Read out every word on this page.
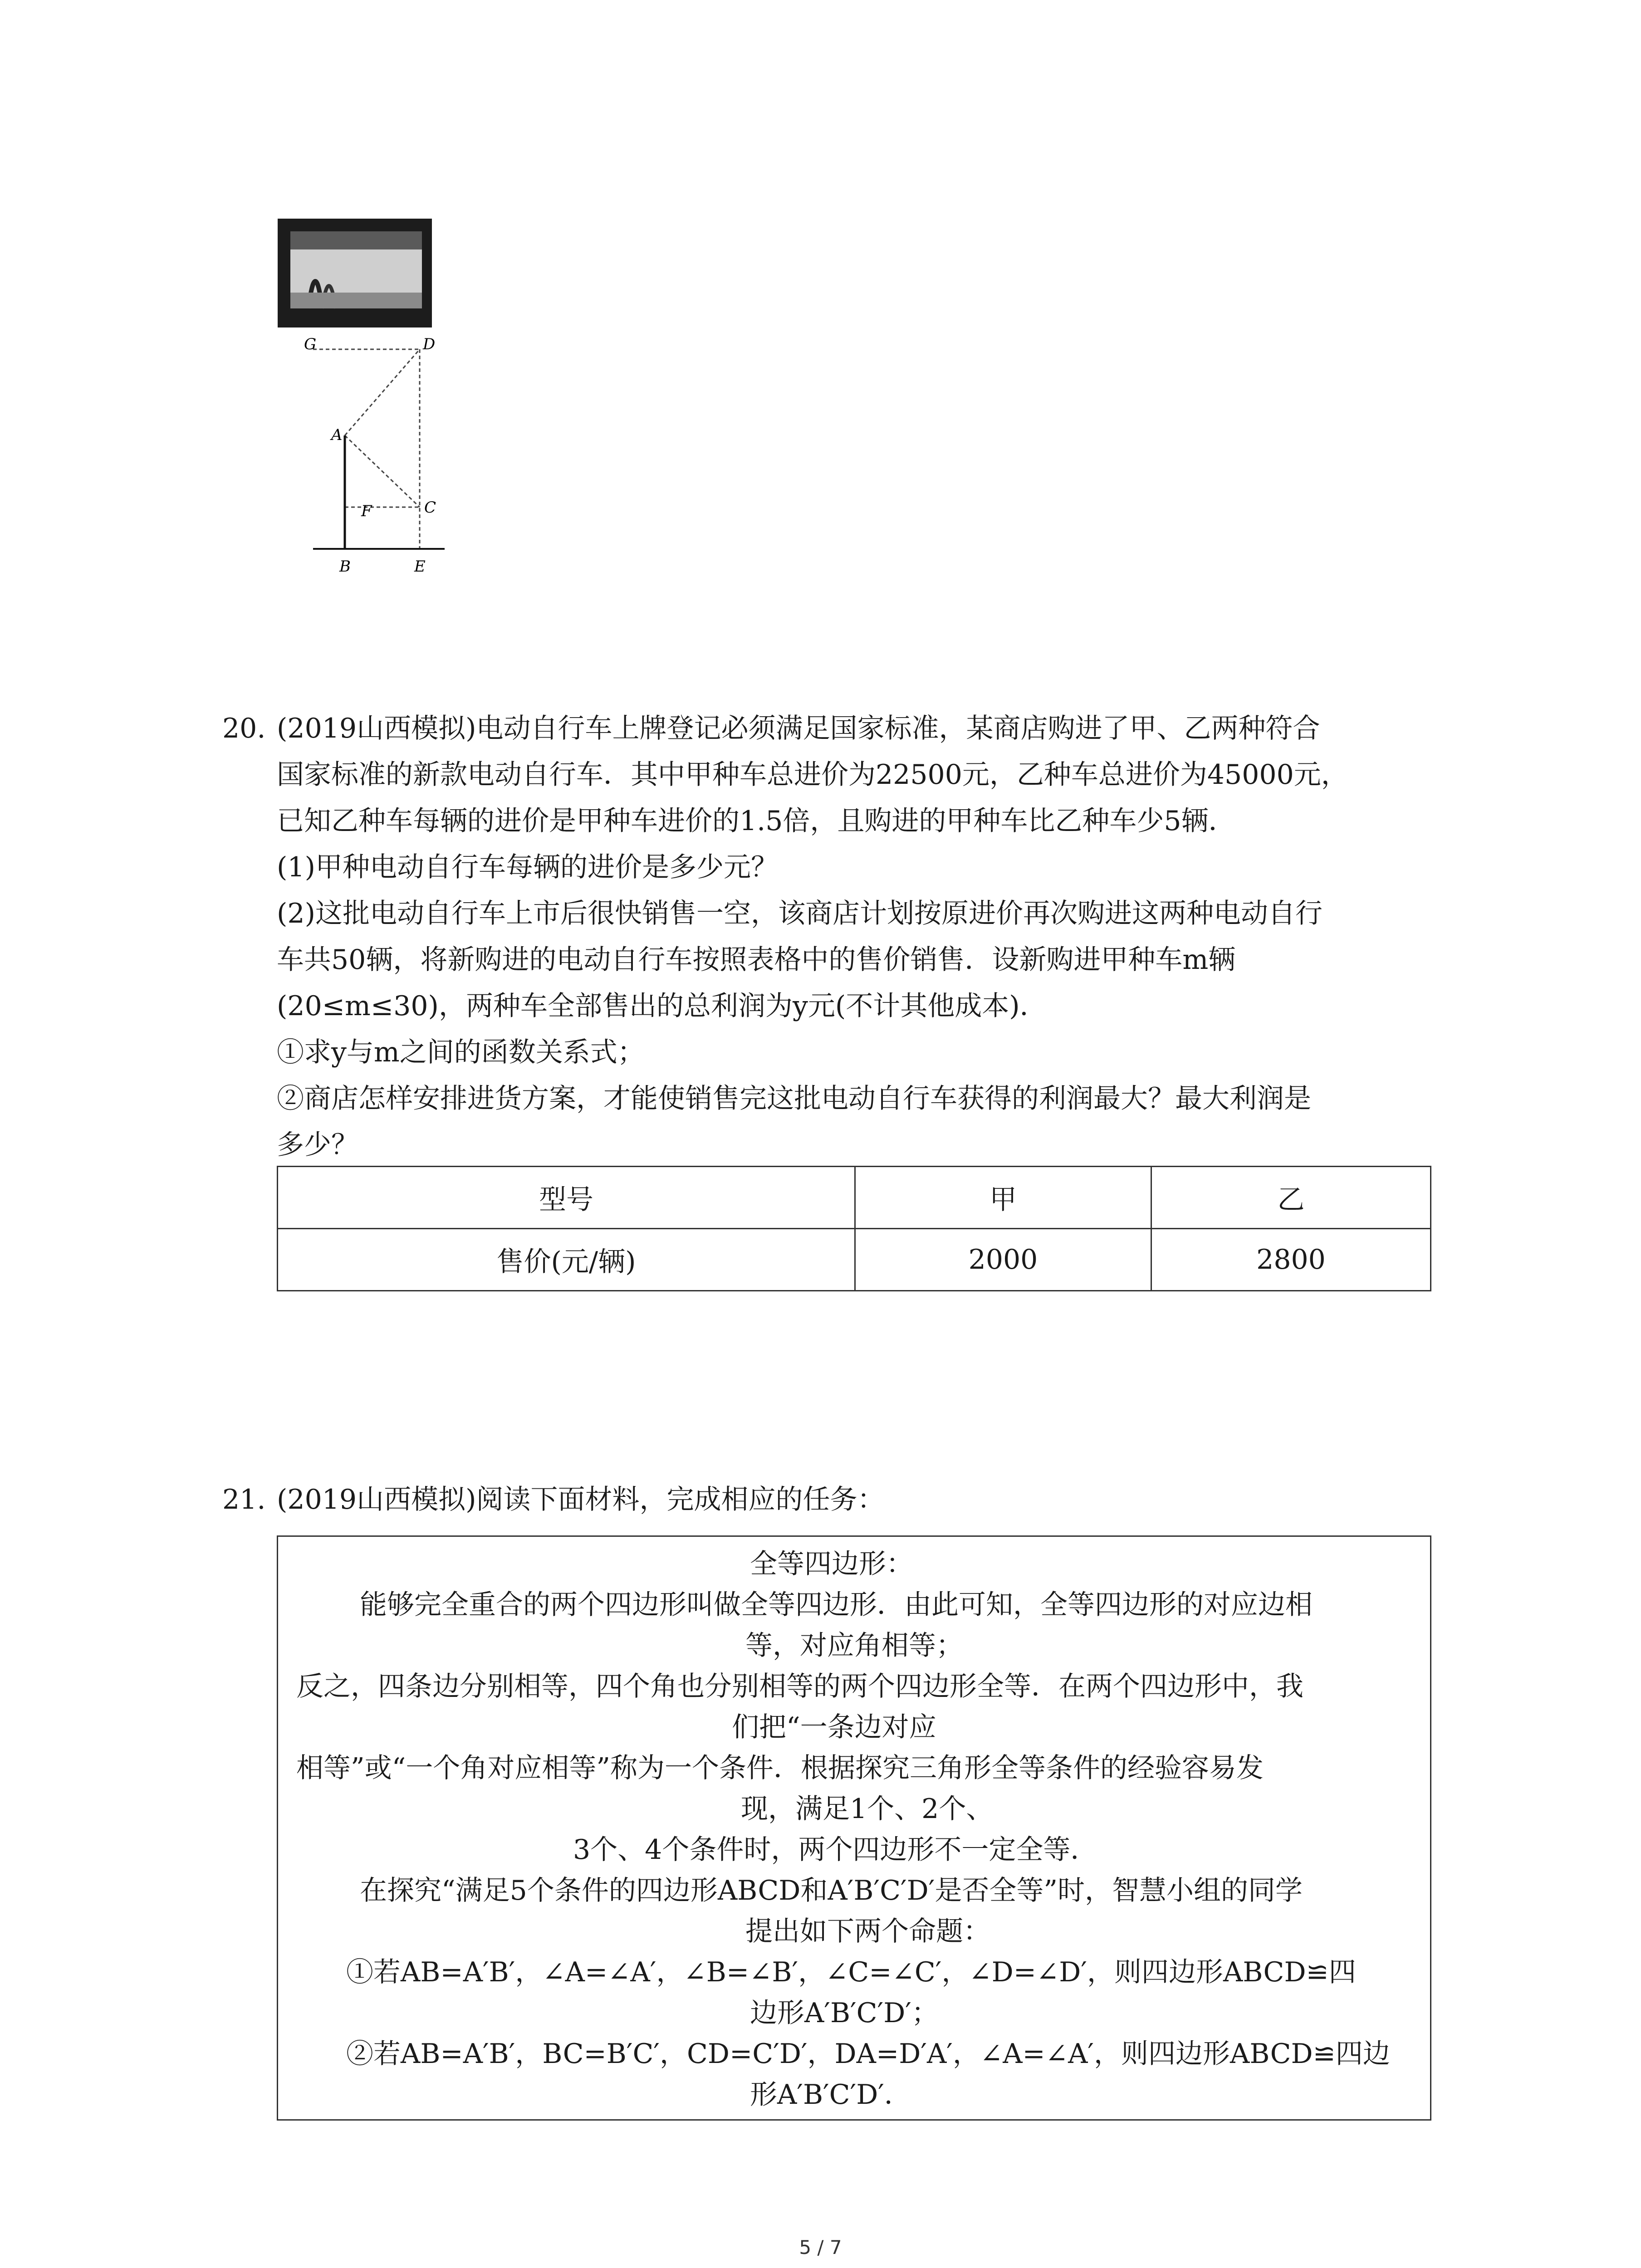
G	D
A
C
F
B	E
20. (2019山西模拟)电动自行车上牌登记必须满足国家标准，某商店购进了甲、乙两种符合
国家标准的新款电动自行车．其中甲种车总进价为22500元，乙种车总进价为45000元，
已知乙种车每辆的进价是甲种车进价的1.5倍，且购进的甲种车比乙种车少5辆．
(1)甲种电动自行车每辆的进价是多少元？
(2)这批电动自行车上市后很快销售一空，该商店计划按原进价再次购进这两种电动自行
车共50辆，将新购进的电动自行车按照表格中的售价销售．设新购进甲种车m辆
(20≤m≤30)，两种车全部售出的总利润为y元(不计其他成本)．
①求y与m之间的函数关系式；
②商店怎样安排进货方案，才能使销售完这批电动自行车获得的利润最大？最大利润是
多少？
型号	甲	乙
售价(元/辆)	2000	2800
21. (2019山西模拟)阅读下面材料，完成相应的任务：
全等四边形：
能够完全重合的两个四边形叫做全等四边形．由此可知，全等四边形的对应边相
等，对应角相等；
反之，四条边分别相等，四个角也分别相等的两个四边形全等．在两个四边形中，我
们把“一条边对应
相等”或“一个角对应相等”称为一个条件．根据探究三角形全等条件的经验容易发
现，满足1个、2个、
3个、4个条件时，两个四边形不一定全等．
在探究“满足5个条件的四边形ABCD和A′B′C′D′是否全等”时，智慧小组的同学
提出如下两个命题：
①若AB=A′B′，∠A=∠A′，∠B=∠B′，∠C=∠C′，∠D=∠D′，则四边形ABCD≌四
边形A′B′C′D′；
②若AB=A′B′，BC=B′C′，CD=C′D′，DA=D′A′，∠A=∠A′，则四边形ABCD≌四边
形A′B′C′D′．
5 / 7
